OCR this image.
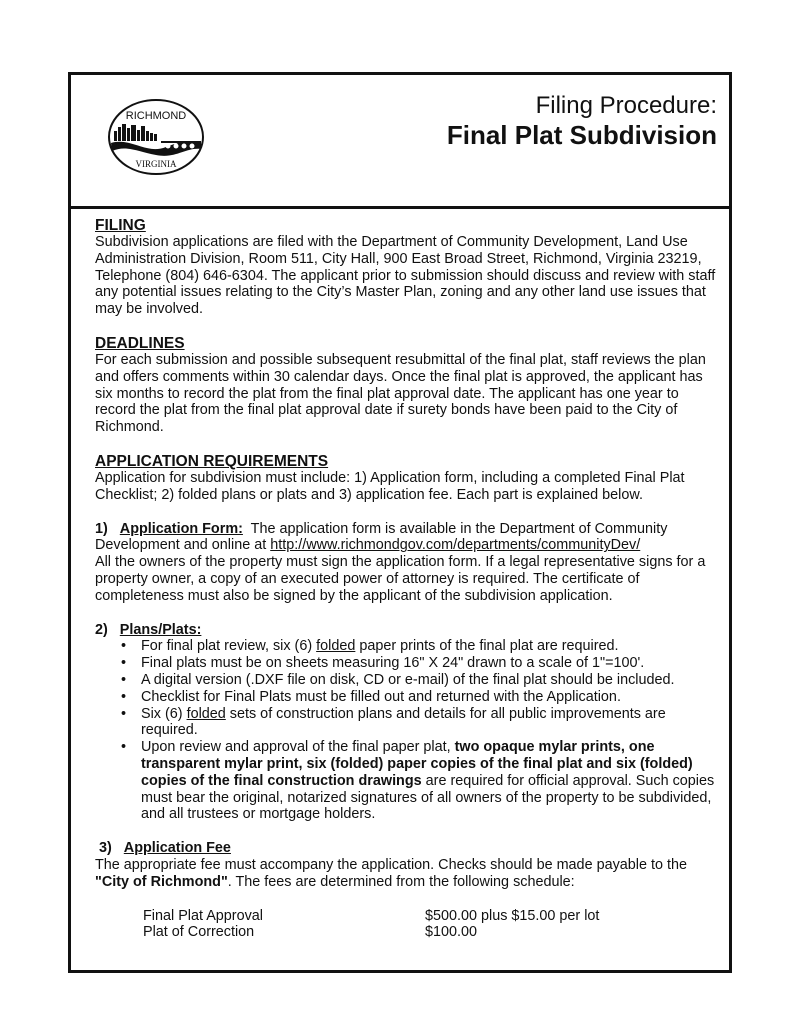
RICHMOND
VIRGINIA
Filing Procedure:
Final Plat Subdivision
FILING

Subdivision applications are filed with the Department of Community Development, Land Use Administration Division, Room 511, City Hall, 900 East Broad Street, Richmond, Virginia 23219, Telephone (804) 646-6304. The applicant prior to submission should discuss and review with staff any potential issues relating to the City’s Master Plan, zoning and any other land use issues that may be involved.

DEADLINES

For each submission and possible subsequent resubmittal of the final plat, staff reviews the plan and offers comments within 30 calendar days. Once the final plat is approved, the applicant has six months to record the plat from the final plat approval date. The applicant has one year to record the plat from the final plat approval date if surety bonds have been paid to the City of Richmond.

APPLICATION REQUIREMENTS

Application for subdivision must include: 1) Application form, including a completed Final Plat Checklist; 2) folded plans or plats and 3) application fee. Each part is explained below.

1) Application Form: The application form is available in the Department of Community Development and online at http://www.richmondgov.com/departments/communityDev/

All the owners of the property must sign the application form. If a legal representative signs for a property owner, a copy of an executed power of attorney is required. The certificate of completeness must also be signed by the applicant of the subdivision application.

2) Plans/Plats:

• For final plat review, six (6) folded paper prints of the final plat are required.
• Final plats must be on sheets measuring 16" X 24" drawn to a scale of 1"=100'.
• A digital version (.DXF file on disk, CD or e-mail) of the final plat should be included.
• Checklist for Final Plats must be filled out and returned with the Application.
• Six (6) folded sets of construction plans and details for all public improvements are required.
• Upon review and approval of the final paper plat, two opaque mylar prints, one transparent mylar print, six (folded) paper copies of the final plat and six (folded) copies of the final construction drawings are required for official approval. Such copies must bear the original, notarized signatures of all owners of the property to be subdivided, and all trustees or mortgage holders.

3) Application Fee

The appropriate fee must accompany the application. Checks should be made payable to the "City of Richmond". The fees are determined from the following schedule:

Final Plat Approval	$500.00 plus $15.00 per lot
Plat of Correction	$100.00
